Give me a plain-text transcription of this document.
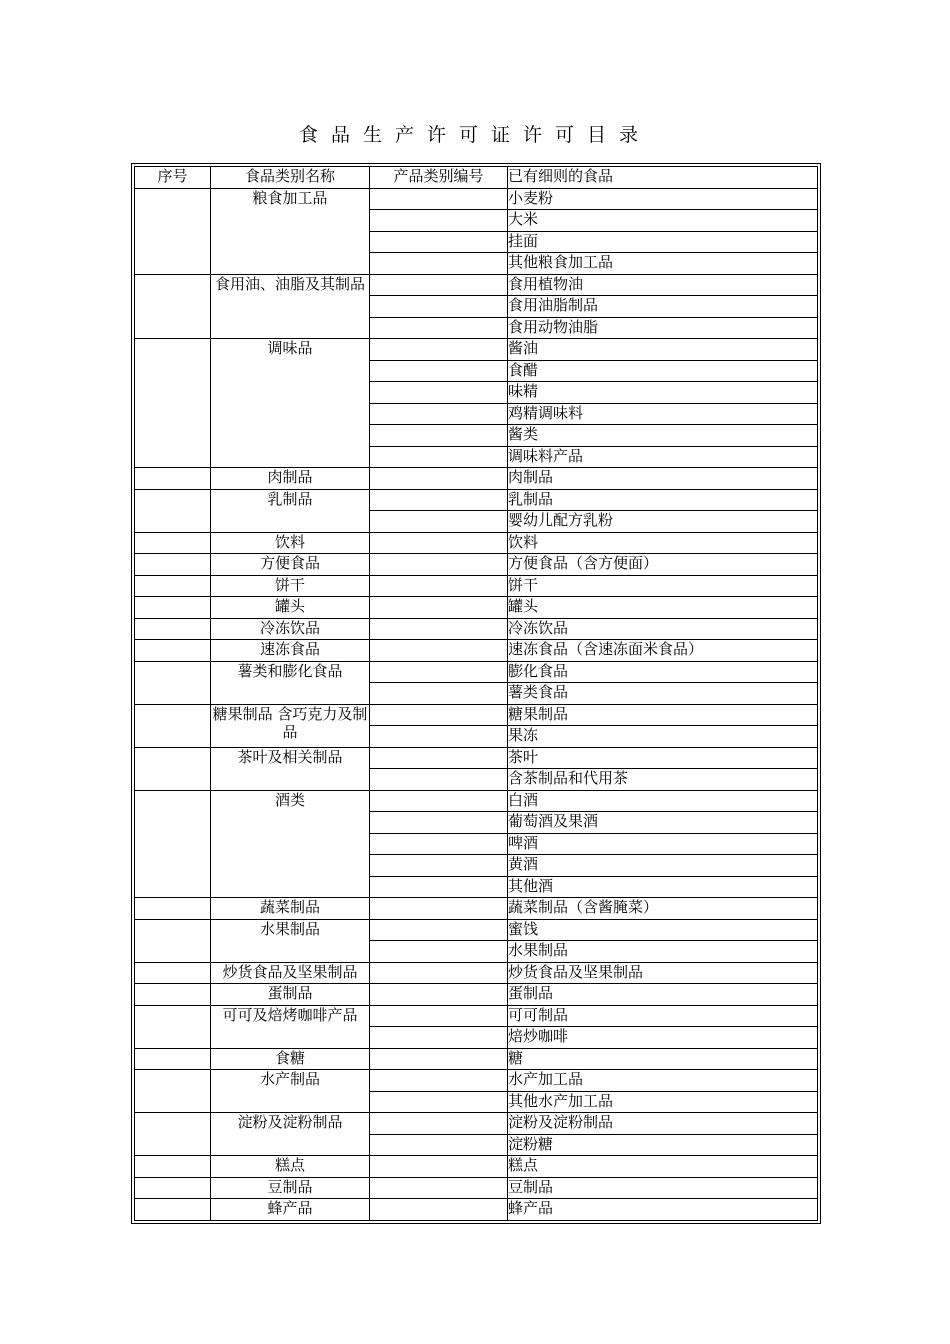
食品生产许可证许可目录
序号	食品类别名称	产品类别编号	已有细则的食品
	粮食加工品		小麦粉
			大米
			挂面
			其他粮食加工品
	食用油、油脂及其制品		食用植物油
			食用油脂制品
			食用动物油脂
	调味品		酱油
			食醋
			味精
			鸡精调味料
			酱类
			调味料产品
	肉制品		肉制品
	乳制品		乳制品
			婴幼儿配方乳粉
	饮料		饮料
	方便食品		方便食品（含方便面）
	饼干		饼干
	罐头		罐头
	冷冻饮品		冷冻饮品
	速冻食品		速冻食品（含速冻面米食品）
	薯类和膨化食品		膨化食品
			薯类食品
	糖果制品 含巧克力及制品		糖果制品
			果冻
	茶叶及相关制品		茶叶
			含茶制品和代用茶
	酒类		白酒
			葡萄酒及果酒
			啤酒
			黄酒
			其他酒
	蔬菜制品		蔬菜制品（含酱腌菜）
	水果制品		蜜饯
			水果制品
	炒货食品及坚果制品		炒货食品及坚果制品
	蛋制品		蛋制品
	可可及焙烤咖啡产品		可可制品
			焙炒咖啡
	食糖		糖
	水产制品		水产加工品
			其他水产加工品
	淀粉及淀粉制品		淀粉及淀粉制品
			淀粉糖
	糕点		糕点
	豆制品		豆制品
	蜂产品		蜂产品
